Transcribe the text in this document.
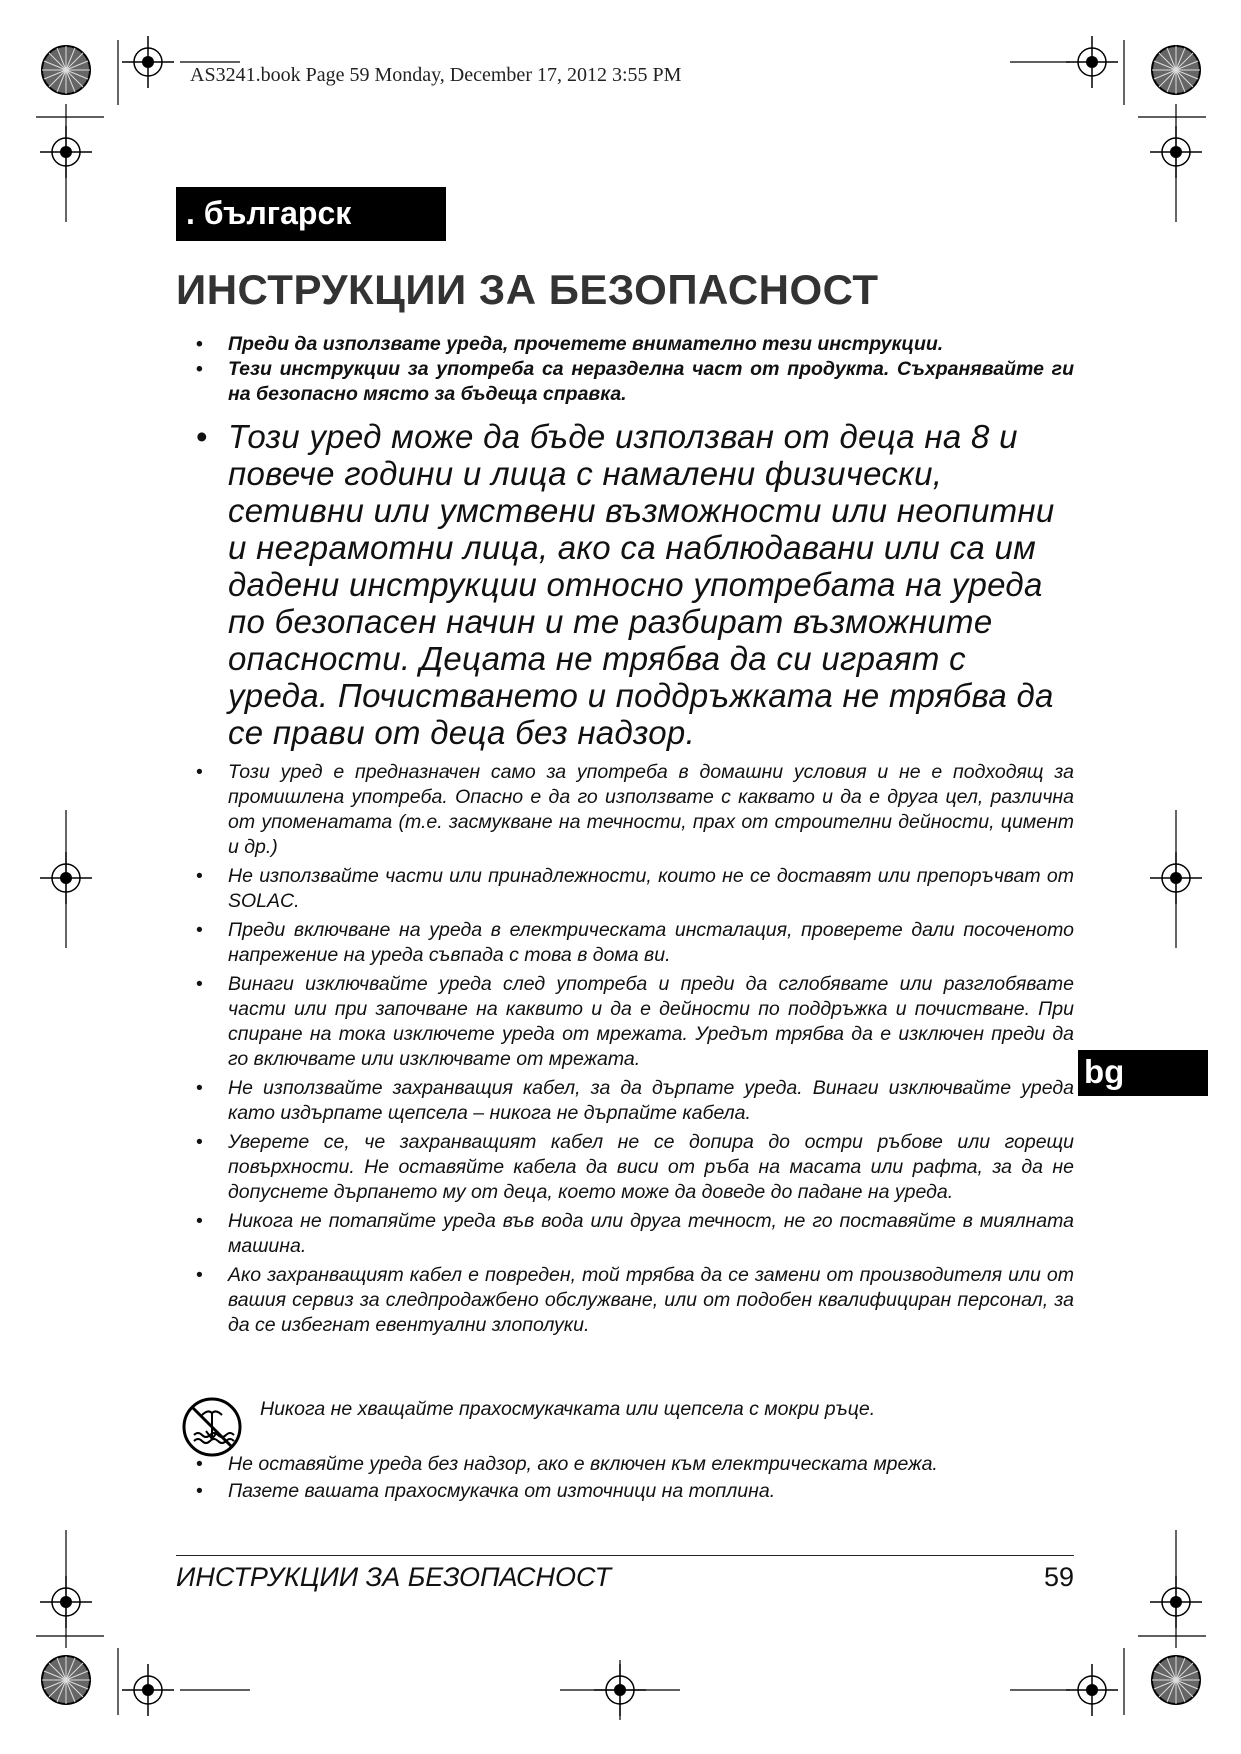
AS3241.book Page 59 Monday, December 17, 2012 3:55 PM
. българск
ИНСТРУКЦИИ ЗА БЕЗОПАСНОСТ
• Преди да използвате уреда, прочетете внимателно тези инструкции.
• Тези инструкции за употреба са неразделна част от продукта. Съхранявайте ги на безопасно място за бъдеща справка.
• Този уред може да бъде използван от деца на 8 и повече години и лица с намалени физически, сетивни или умствени възможности или неопитни и неграмотни лица, ако са наблюдавани или са им дадени инструкции относно употребата на уреда по безопасен начин и те разбират възможните опасности. Децата не трябва да си играят с уреда. Почистването и поддръжката не трябва да се прави от деца без надзор.
• Този уред е предназначен само за употреба в домашни условия и не е подходящ за промишлена употреба. Опасно е да го използвате с каквато и да е друга цел, различна от упоменатата (т.е. засмукване на течности, прах от строителни дейности, цимент и др.)
• Не използвайте части или принадлежности, които не се доставят или препоръчват от SOLAC.
• Преди включване на уреда в електрическата инсталация, проверете дали посоченото напрежение на уреда съвпада с това в дома ви.
• Винаги изключвайте уреда след употреба и преди да сглобявате или разглобявате части или при започване на каквито и да е дейности по поддръжка и почистване. При спиране на тока изключете уреда от мрежата. Уредът трябва да е изключен преди да го включвате или изключвате от мрежата.
• Не използвайте захранващия кабел, за да дърпате уреда. Винаги изключвайте уреда като издърпате щепсела – никога не дърпайте кабела.
• Уверете се, че захранващият кабел не се допира до остри ръбове или горещи повърхности. Не оставяйте кабела да виси от ръба на масата или рафта, за да не допуснете дърпането му от деца, което може да доведе до падане на уреда.
• Никога не потапяйте уреда във вода или друга течност, не го поставяйте в миялната машина.
• Ако захранващият кабел е повреден, той трябва да се замени от производителя или от вашия сервиз за следпродажбено обслужване, или от подобен квалифициран персонал, за да се избегнат евентуални злополуки.
Никога не хващайте прахосмукачката или щепсела с мокри ръце.
• Не оставяйте уреда без надзор, ако е включен към електрическата мрежа.
• Пазете вашата прахосмукачка от източници на топлина.
bg
ИНСТРУКЦИИ ЗА БЕЗОПАСНОСТ	59
